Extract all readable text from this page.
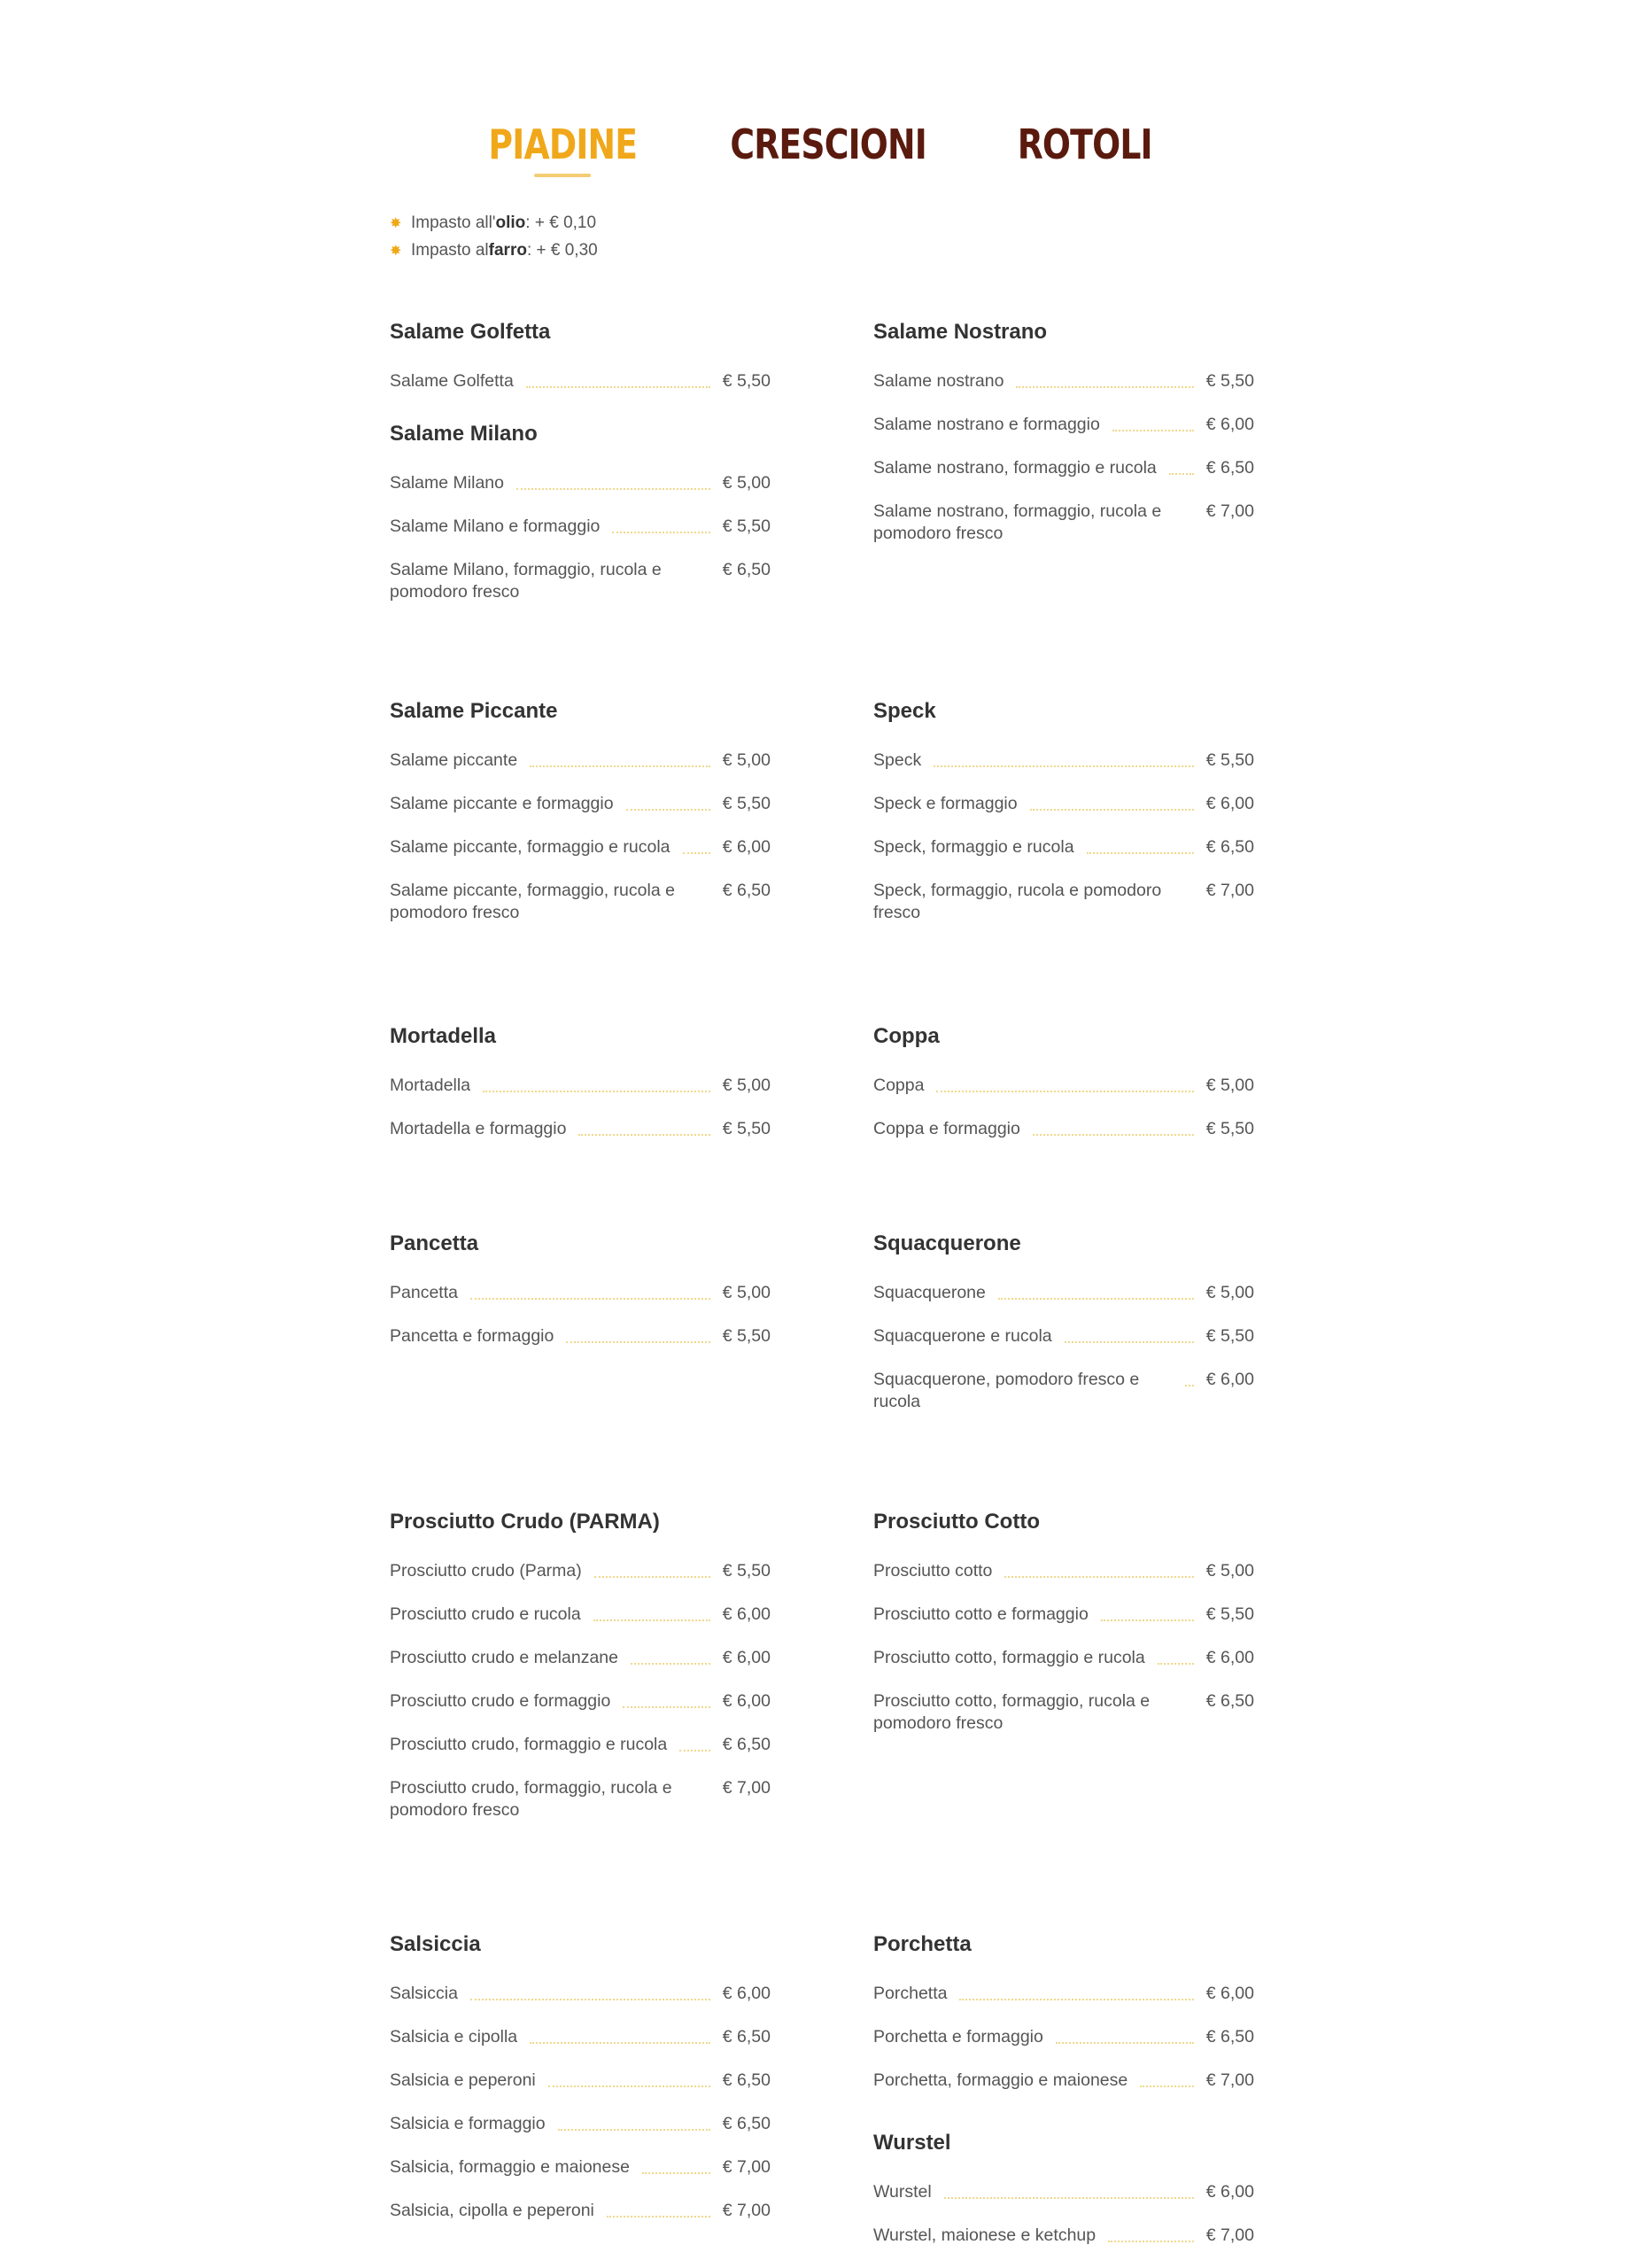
PIADINE CRESCIONI ROTOLI
✸ Impasto all' olio : + € 0,10
✸ Impasto al farro : + € 0,30
Salame Golfetta
Salame Golfetta	€ 5,50
Salame Milano
Salame Milano	€ 5,00
Salame Milano e formaggio	€ 5,50
Salame Milano, formaggio, rucola e pomodoro fresco
€ 6,50
Salame Nostrano
Salame nostrano	€ 5,50
Salame nostrano e formaggio	€ 6,00
Salame nostrano, formaggio e rucola	€ 6,50
Salame nostrano, formaggio, rucola e pomodoro fresco
€ 7,00
Salame Piccante
Salame piccante	€ 5,00
Salame piccante e formaggio	€ 5,50
Salame piccante, formaggio e rucola	€ 6,00
Salame piccante, formaggio, rucola e pomodoro fresco
€ 6,50
Speck
Speck	€ 5,50
Speck e formaggio	€ 6,00
Speck, formaggio e rucola	€ 6,50
Speck, formaggio, rucola e pomodoro fresco
€ 7,00
Mortadella
Mortadella	€ 5,00
Mortadella e formaggio	€ 5,50
Coppa
Coppa	€ 5,00
Coppa e formaggio	€ 5,50
Pancetta
Pancetta	€ 5,00
Pancetta e formaggio	€ 5,50
Squacquerone
Squacquerone	€ 5,00
Squacquerone e rucola	€ 5,50
Squacquerone, pomodoro fresco e rucola
€ 6,00
Prosciutto Crudo (PARMA)
Prosciutto crudo (Parma)	€ 5,50
Prosciutto crudo e rucola	€ 6,00
Prosciutto crudo e melanzane	€ 6,00
Prosciutto crudo e formaggio	€ 6,00
Prosciutto crudo, formaggio e rucola	€ 6,50
Prosciutto crudo, formaggio, rucola e pomodoro fresco
€ 7,00
Prosciutto Cotto
Prosciutto cotto	€ 5,00
Prosciutto cotto e formaggio	€ 5,50
Prosciutto cotto, formaggio e rucola	€ 6,00
Prosciutto cotto, formaggio, rucola e pomodoro fresco
€ 6,50
Salsiccia
Salsiccia	€ 6,00
Salsicia e cipolla	€ 6,50
Salsicia e peperoni	€ 6,50
Salsicia e formaggio	€ 6,50
Salsicia, formaggio e maionese	€ 7,00
Salsicia, cipolla e peperoni	€ 7,00
Porchetta
Porchetta	€ 6,00
Porchetta e formaggio	€ 6,50
Porchetta, formaggio e maionese	€ 7,00
Wurstel
Wurstel	€ 6,00
Wurstel, maionese e ketchup	€ 7,00
